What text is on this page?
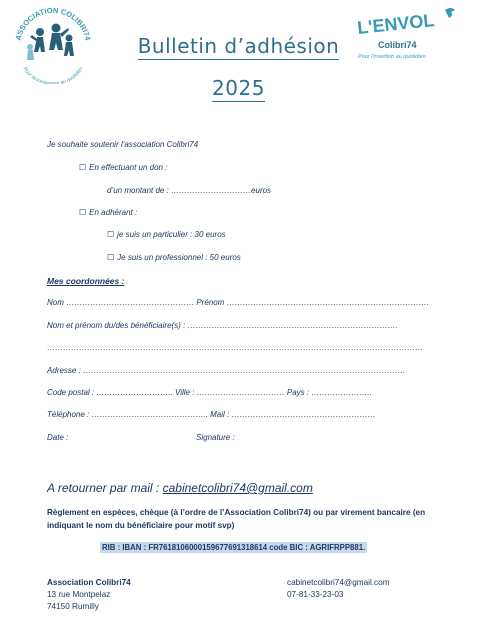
ASSOCIATION COLIBRI74
Pour accompagner au quotidien
L'ENVOL
Colibri74
Pour l'insertion au quotidien
Bulletin d’adhésion
2025
Je souhaite soutenir l’association Colibri74
☐ En effectuant un don :
d’un montant de : …………………………euros
☐ En adhérant :
☐ je suis un particulier : 30 euros
☐ Je suis un professionnel : 50 euros
Mes coordonnées :
Nom ………………………………………… Prénom ………………………………………………………………….
Nom et prénom du/des bénéficiaire(s) : …………………………………………………………………….
……………………………………………………………………………………………………………………………
Adresse : ………………………………………………………………………………………………………….
Code postal : ……………………….. Ville : …………………………… Pays : …………………..
Téléphone : …………………………………….. Mail : ………………………………………………
Date :	Signature :
A retourner par mail : cabinetcolibri74@gmail.com
Règlement en espèces, chèque (à l’ordre de l’Association Colibri74) ou par virement bancaire (en indiquant le nom du bénéficiaire pour motif svp)
RIB : IBAN : FR7618106000159677691318614 code BIC : AGRIFRPP881.
Association Colibri74
13 rue Montpelaz
74150 Rumilly
cabinetcolibri74@gmail.com
07-81-33-23-03
